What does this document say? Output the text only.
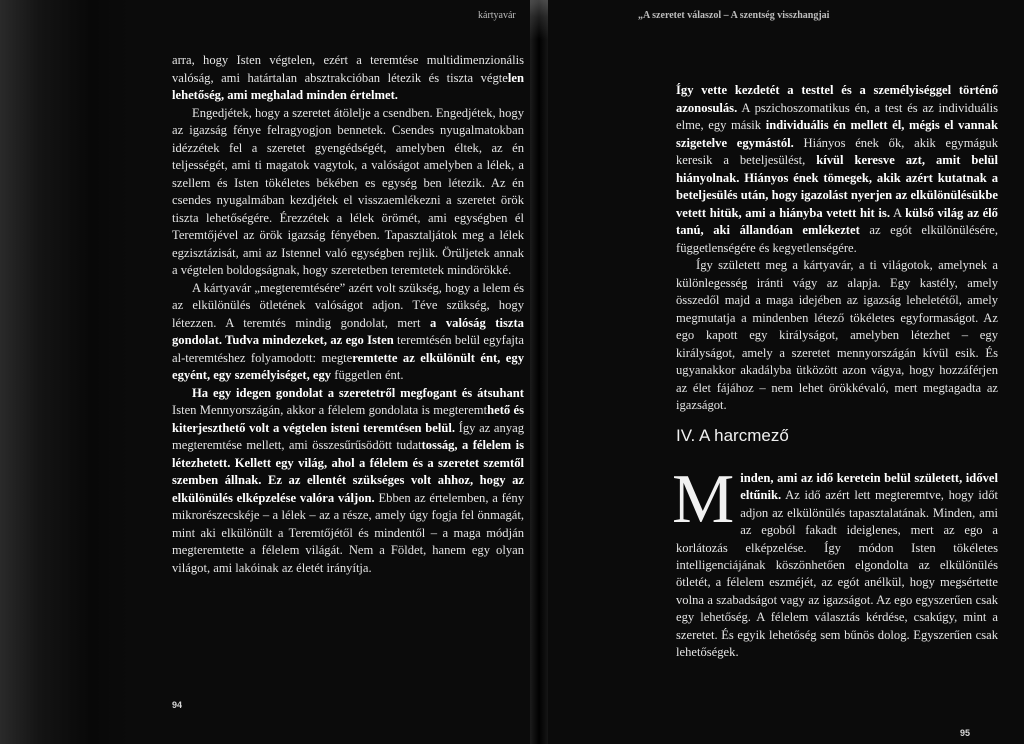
kártyavár

arra, hogy Isten végtelen, ezért a teremtése multidimenzionális valóság, ami határtalan absztrakcióban létezik és tiszta végtelen lehetőség, ami meghalad minden értelmet.

Engedjétek, hogy a szeretet átölelje a csendben. Engedjétek, hogy az igazság fénye felragyogjon bennetek. Csendes nyugalmatokban idézzétek fel a szeretet gyengédségét, amelyben éltek, az én teljességét, ami ti magatok vagytok, a valóságot amelyben a lélek, a szellem és Isten tökéletes békében es egység ben létezik. Az én csendes nyugalmában kezdjétek el visszaemlékezni a szeretet örök tiszta lehetőségére. Érezzétek a lélek örömét, ami egységben él Teremtőjével az örök igazság fényében. Tapasztaljátok meg a lélek egzisztázisát, ami az Istennel való egységben rejlik. Örüljetek annak a végtelen boldogságnak, hogy szeretetben teremtetek mindörökké.

A kártyavár „megteremtésére” azért volt szükség, hogy a lelem és az elkülönülés ötletének valóságot adjon. Téve szükség, hogy létezzen. A teremtés mindig gondolat, mert a valóság tiszta gondolat. Tudva mindezeket, az ego Isten teremtésén belül egyfajta al-teremtéshez folyamodott: megteremtette az elkülönült ént, egy egyént, egy személyiséget, egy független ént.

Ha egy idegen gondolat a szeretetről megfogant és átsuhant Isten Mennyországán, akkor a félelem gondolata is megteremthető és kiterjeszthető volt a végtelen isteni teremtésen belül. Így az anyag megteremtése mellett, ami összesűrűsödött tudattosság, a félelem is létezhetett. Kellett egy világ, ahol a félelem és a szeretet szemtől szemben állnak. Ez az ellentét szükséges volt ahhoz, hogy az elkülönülés elképzelése valóra váljon. Ebben az értelemben, a fény mikrorészecskéje – a lélek – az a része, amely úgy fogja fel önmagát, mint aki elkülönült a Teremtőjétől és mindentől – a maga módján megteremtette a félelem világát. Nem a Földet, hanem egy olyan világot, ami lakóinak az életét irányítja.

94
„A szeretet válaszol – A szentség visszhangjai

Így vette kezdetét a testtel és a személyiséggel történő azonosulás. A pszichoszomatikus én, a test és az individuális elme, egy másik individuális én mellett él, mégis el vannak szigetelve egymástól. Hiányos ének ők, akik egymáguk keresik a beteljesülést, kívül keresve azt, amit belül hiányolnak. Hiányos ének tömegek, akik azért kutatnak a beteljesülés után, hogy igazolást nyerjen az elkülönülésükbe vetett hitük, ami a hiányba vetett hit is. A külső világ az élő tanú, aki állandóan emlékeztet az egót elkülönülésére, függetlenségére és kegyetlenségére.

Így született meg a kártyavár, a ti világotok, amelynek a különlegesség iránti vágy az alapja. Egy kastély, amely összedől majd a maga idejében az igazság leheletétől, amely megmutatja a mindenben létező tökéletes egyformaságot. Az ego kapott egy királyságot, amelyben létezhet – egy királyságot, amely a szeretet mennyországán kívül esik. És ugyanakkor akadályba ütközött azon vágya, hogy hozzáférjen az élet fájához – nem lehet örökkévaló, mert megtagadta az igazságot.

IV. A harcmező
M inden, ami az idő keretein belül született, idővel eltűnik. Az idő azért lett megteremtve, hogy időt adjon az elkülönülés tapasztalatának. Minden, ami az egoból fakadt ideiglenes, mert az ego a korlátozás elképzelése. Így módon Isten tökéletes intelligenciájának köszönhetően elgondolta az elkülönülés ötletét, a félelem eszméjét, az egót anélkül, hogy megsértette volna a szabadságot vagy az igazságot. Az ego egyszerűen csak egy lehetőség. A félelem választás kérdése, csakúgy, mint a szeretet. És egyik lehetőség sem bűnös dolog. Egyszerűen csak lehetőségek.
95
